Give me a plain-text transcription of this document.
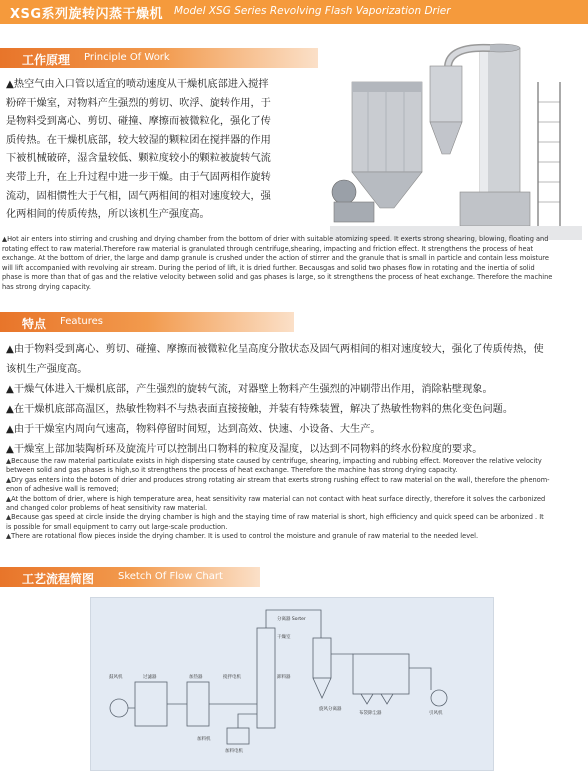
XSG系列旋转闪蒸干燥机 Model XSG Series Revolving Flash Vaporization Drier
工作原理 Principle Of Work
▲热空气由入口管以适宜的喷动速度从干燥机底部进入搅拌
粉碎干燥室，对物料产生强烈的剪切、吹浮、旋转作用，于
是物料受到离心、剪切、碰撞、摩擦而被微粒化，强化了传
质传热。在干燥机底部，较大较湿的颗粒团在搅拌器的作用
下被机械破碎，湿含量较低、颗粒度较小的颗粒被旋转气流
夹带上升，在上升过程中进一步干燥。由于气固两相作旋转
流动，固相惯性大于气相，固气两相间的相对速度较大，强
化两相间的传质传热，所以该机生产强度高。
▲Hot air enters into stirring and crushing and drying chamber from the bottom of drier with suitable atomizing speed. It exerts strong shearing, blowing, floating and
rotating effect to raw material.Therefore raw material is granulated through centrifuge,shearing, impacting and friction effect. It strengthens the process of heat
exchange. At the bottom of drier, the large and damp granule is crushed under the action of stirrer and the granule that is small in particle and contain less moisture
will lift accompanied with revolving air stream. During the period of lift, it is dried further. Becausgas and solid two phases flow in rotating and the inertia of solid
phase is more than that of gas and the relative velocity between solid and gas phases is large, so it strengthens the process of heat exchange. Therefore the machine
has strong drying capacity.
特点 Features
▲由于物料受到离心、剪切、碰撞、摩擦而被微粒化呈高度分散状态及固气两相间的相对速度较大，强化了传质传热，使
该机生产强度高。
▲干燥气体进入干燥机底部，产生强烈的旋转气流，对器壁上物料产生强烈的冲刷带出作用，消除粘壁现象。
▲在干燥机底部高温区，热敏性物料不与热表面直接接触，并装有特殊装置，解决了热敏性物料的焦化变色问题。
▲由于干燥室内周向气速高，物料停留时间短，达到高效、快速、小设备、大生产。
▲干燥室上部加装陶析环及旋流片可以控制出口物料的粒度及湿度，以达到不同物料的终水份粒度的要求。
▲Because the raw material particulate exists in high dispersing state caused by centrifuge, shearing, impacting and rubbing effect. Moreover the relative velocity
between solid and gas phases is high,so it strengthens the process of heat exchange. Therefore the machine has strong drying capacity.
▲Dry gas enters into the botom of drier and produces strong rotating air stream that exerts strong rushing effect to raw material on the wall, therefore the phenom-
enon of adhesive wall is removed;
▲At the bottom of drier, where is high temperature area, heat sensitivity raw material can not contact with heat surface directly, therefore it solves the carbonized
and changed color problems of heat sensitivity raw material.
▲Because gas speed at circle inside the drying chamber is high and the staying time of raw material is short, high efficiency and quick speed can be arbonized . It
is possible for small equipment to carry out large-scale production.
▲There are rotational flow pieces inside the drying chamber. It is used to control the moisture and granule of raw material to the needed level.
工艺流程简图 Sketch Of Flow Chart
分离器 Sorter
干燥室
旋风分离器
布袋除尘器	引风机
鼓风机	过滤器	加热器	搅拌电机	卸料器
加料电机
加料机
